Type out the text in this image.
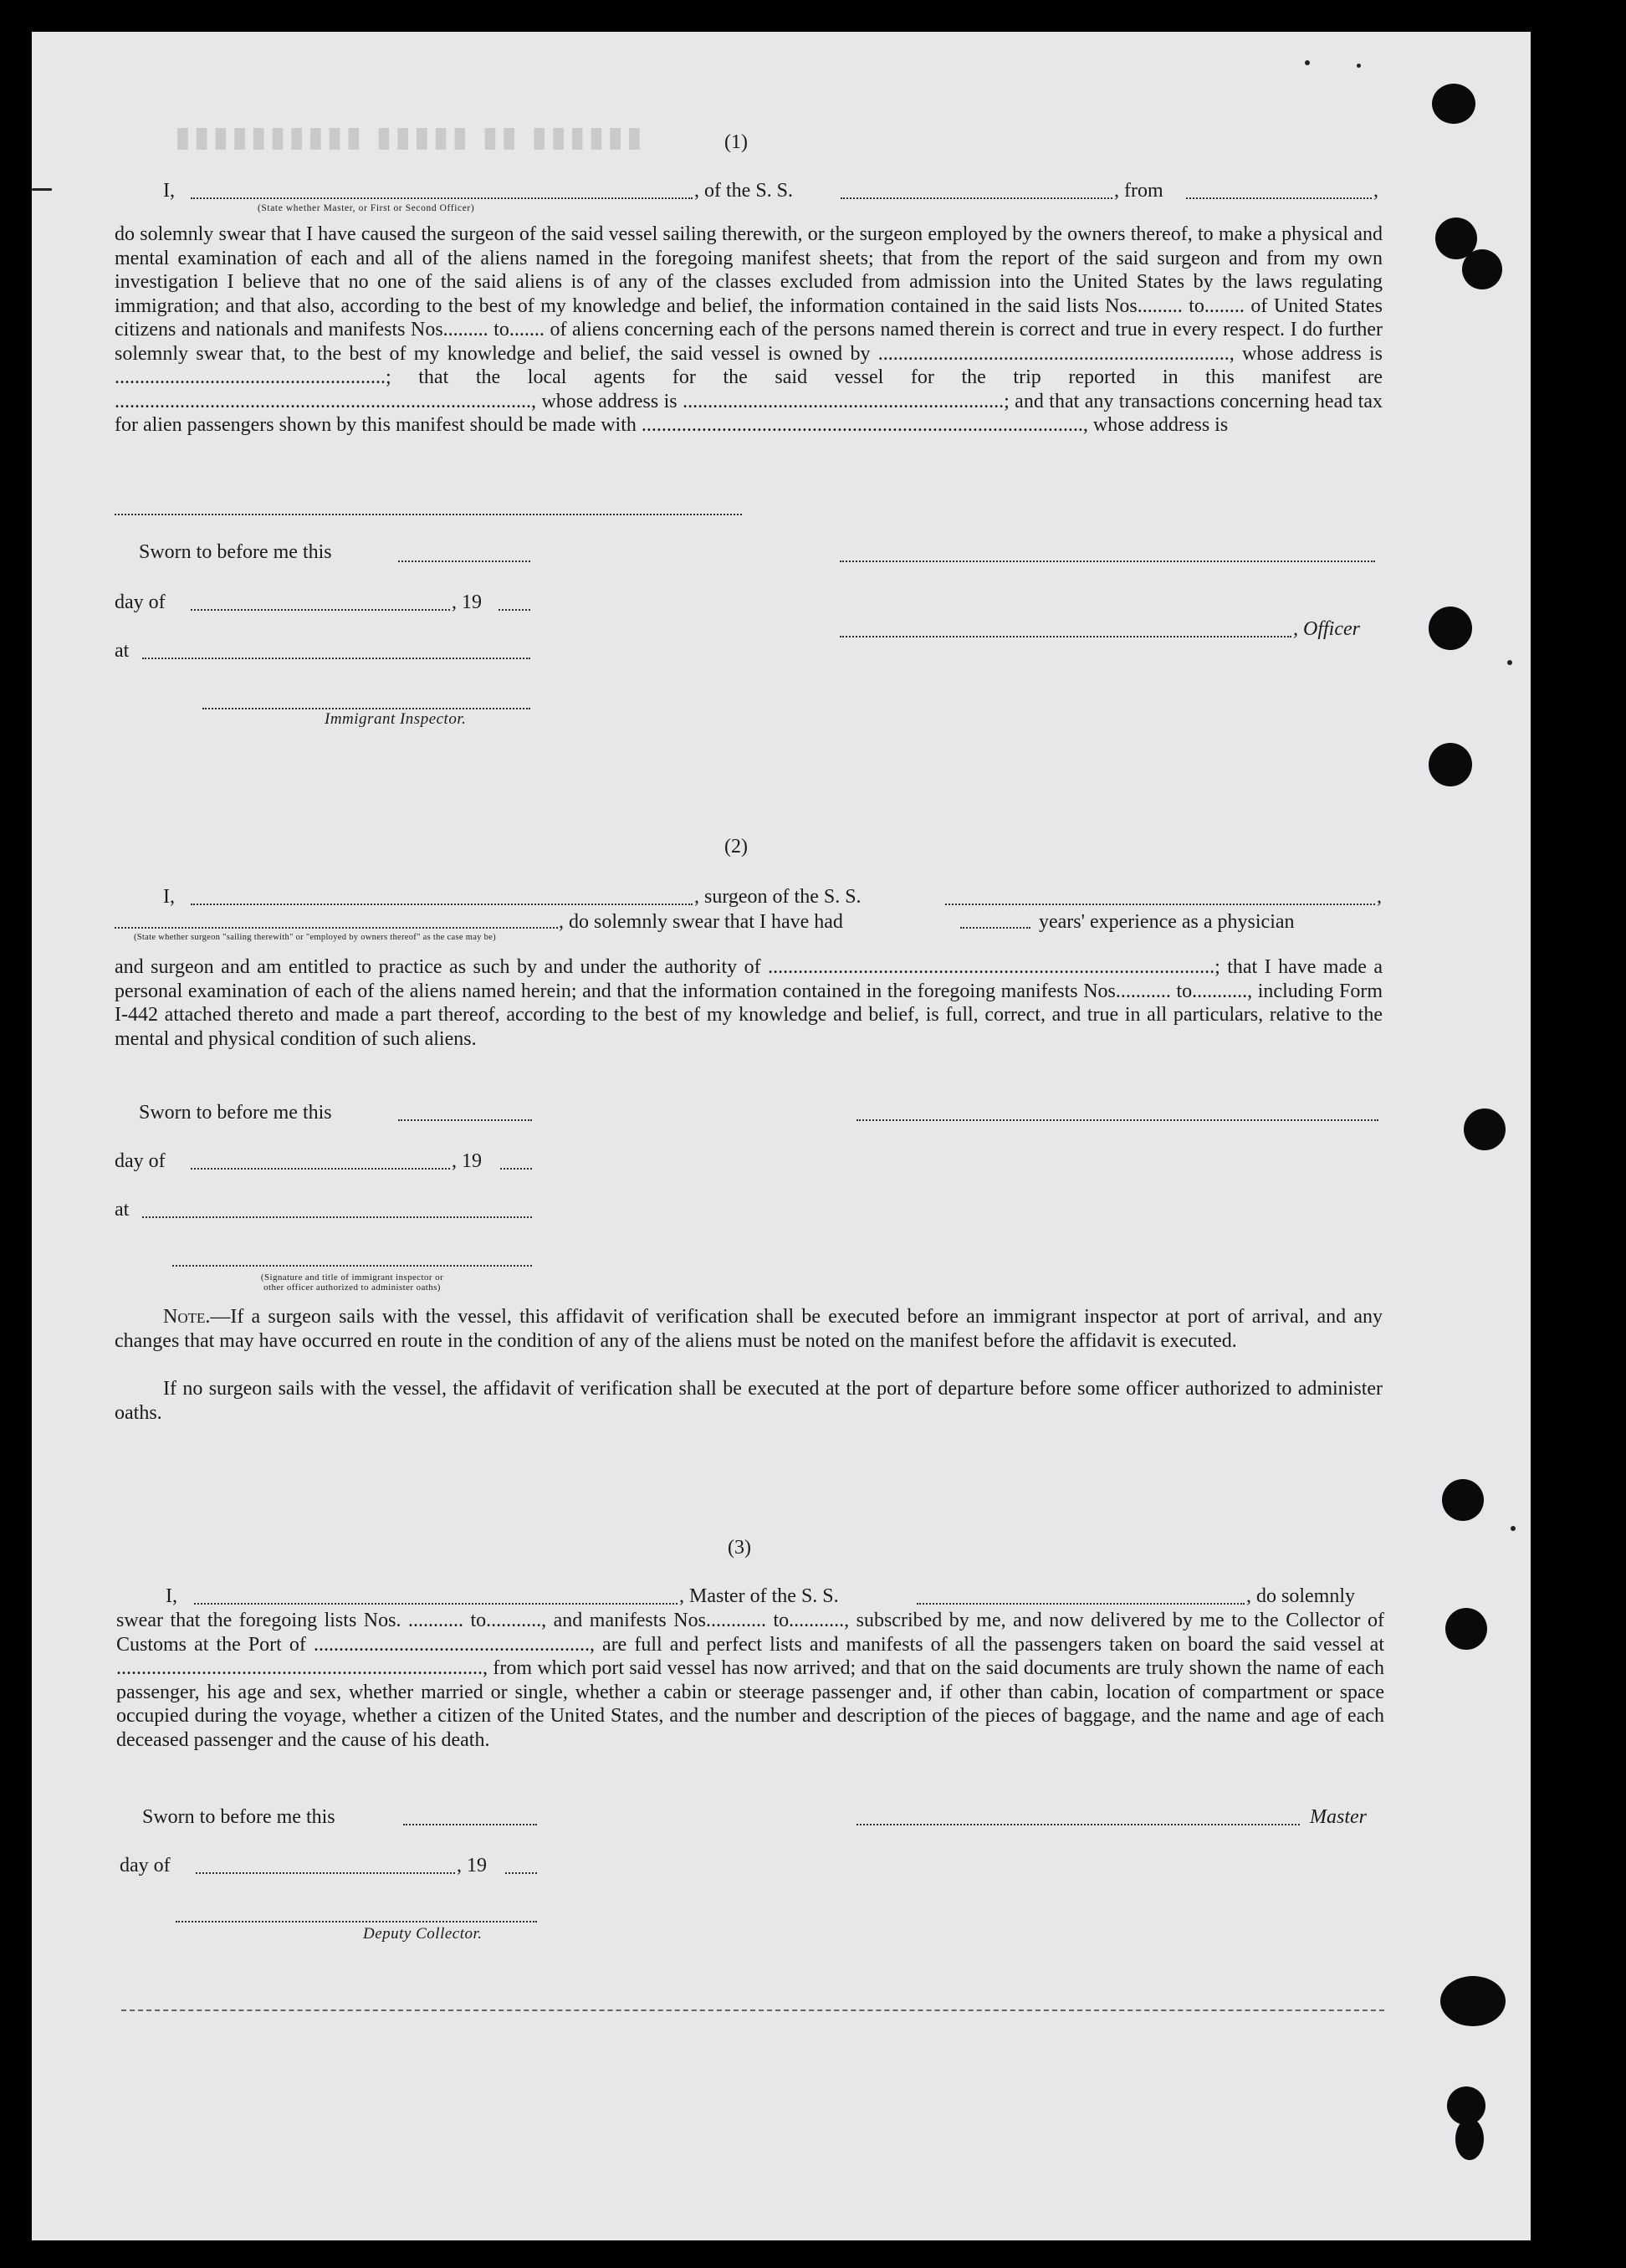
▮▮▮▮▮▮ ▮▮ ▮▮▮▮▮ ▮▮▮▮▮▮▮▮▮▮	(1)
I,	, of the S. S.	, from	,
(State whether Master, or First or Second Officer)
do solemnly swear that I have caused the surgeon of the said vessel sailing therewith, or the surgeon employed by the owners thereof, to make a physical and mental examination of each and all of the aliens named in the foregoing manifest sheets; that from the report of the said surgeon and from my own investigation I believe that no one of the said aliens is of any of the classes excluded from admission into the United States by the laws regulating immigration; and that also, according to the best of my knowledge and belief, the information contained in the said lists Nos......... to........ of United States citizens and nationals and manifests Nos......... to....... of aliens concerning each of the persons named therein is correct and true in every respect. I do further solemnly swear that, to the best of my knowledge and belief, the said vessel is owned by ......................................................................, whose address is ......................................................; that the local agents for the said vessel for the trip reported in this manifest are ..................................................................................., whose address is ................................................................; and that any transactions concerning head tax for alien passengers shown by this manifest should be made with ........................................................................................, whose address is
Sworn to before me this
day of	, 19
, Officer
at
Immigrant Inspector.
(2)
I,	, surgeon of the S. S.	,
, do solemnly swear that I have had	years' experience as a physician
(State whether surgeon "sailing therewith" or "employed by owners thereof" as the case may be)
and surgeon and am entitled to practice as such by and under the authority of .........................................................................................; that I have made a personal examination of each of the aliens named herein; and that the information contained in the foregoing manifests Nos........... to..........., including Form I-442 attached thereto and made a part thereof, according to the best of my knowledge and belief, is full, correct, and true in all particulars, relative to the mental and physical condition of such aliens.
Sworn to before me this
day of	, 19
at
(Signature and title of immigrant inspector or
other officer authorized to administer oaths)
Note.—If a surgeon sails with the vessel, this affidavit of verification shall be executed before an immigrant inspector at port of arrival, and any changes that may have occurred en route in the condition of any of the aliens must be noted on the manifest before the affidavit is executed.
If no surgeon sails with the vessel, the affidavit of verification shall be executed at the port of departure before some officer authorized to administer oaths.
(3)
I,	, Master of the S. S.	, do solemnly
swear that the foregoing lists Nos. ........... to..........., and manifests Nos............ to..........., subscribed by me, and now delivered by me to the Collector of Customs at the Port of ......................................................., are full and perfect lists and manifests of all the passengers taken on board the said vessel at ........................................................................., from which port said vessel has now arrived; and that on the said documents are truly shown the name of each passenger, his age and sex, whether married or single, whether a cabin or steerage passenger and, if other than cabin, location of compartment or space occupied during the voyage, whether a citizen of the United States, and the number and description of the pieces of baggage, and the name and age of each deceased passenger and the cause of his death.
Sworn to before me this	Master
day of	, 19
Deputy Collector.
